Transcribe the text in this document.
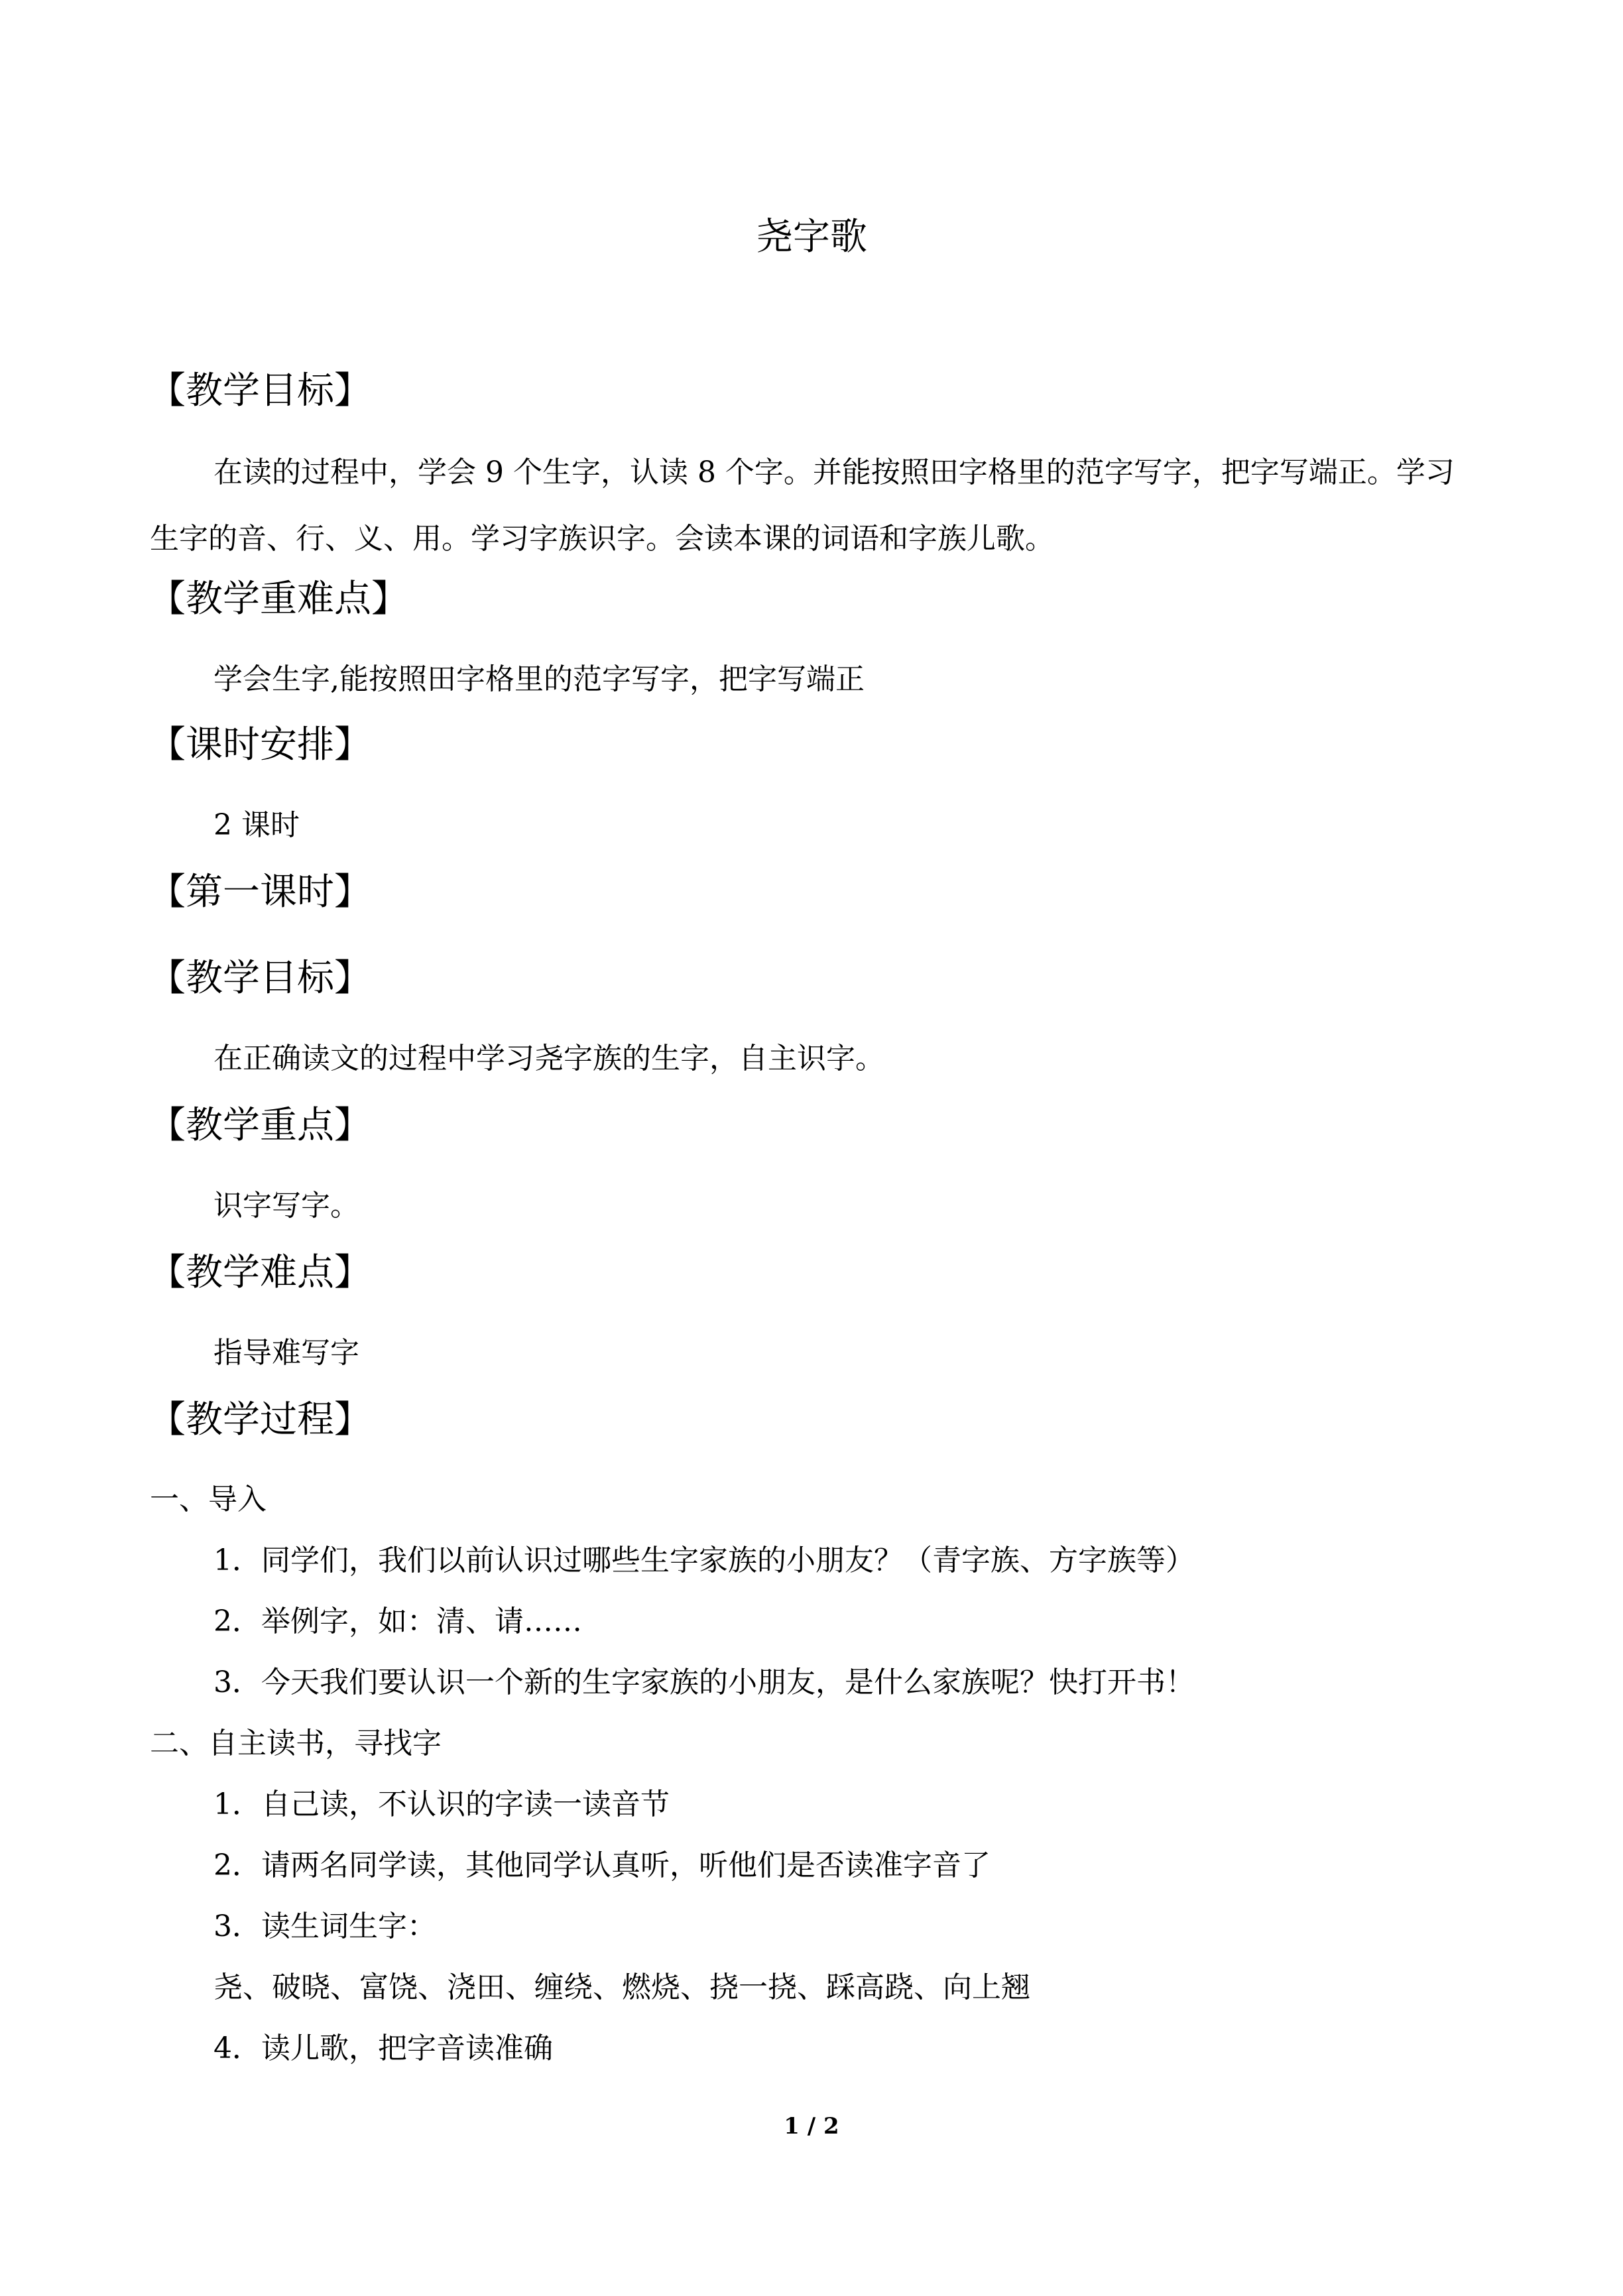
尧字歌
【教学目标】
在读的过程中，学会 9 个生字，认读 8 个字。并能按照田字格里的范字写字，把字写端正。学习生字的音、行、义、用。学习字族识字。会读本课的词语和字族儿歌。
【教学重难点】
学会生字,能按照田字格里的范字写字，把字写端正
【课时安排】
2 课时
【第一课时】
【教学目标】
在正确读文的过程中学习尧字族的生字，自主识字。
【教学重点】
识字写字。
【教学难点】
指导难写字
【教学过程】
一、导入
1．同学们，我们以前认识过哪些生字家族的小朋友？（青字族、方字族等）
2．举例字，如：清、请……
3．今天我们要认识一个新的生字家族的小朋友，是什么家族呢？快打开书！
二、自主读书，寻找字
1．自己读，不认识的字读一读音节
2．请两名同学读，其他同学认真听，听他们是否读准字音了
3．读生词生字：
尧、破晓、富饶、浇田、缠绕、燃烧、挠一挠、踩高跷、向上翘
4．读儿歌，把字音读准确
1 / 2
